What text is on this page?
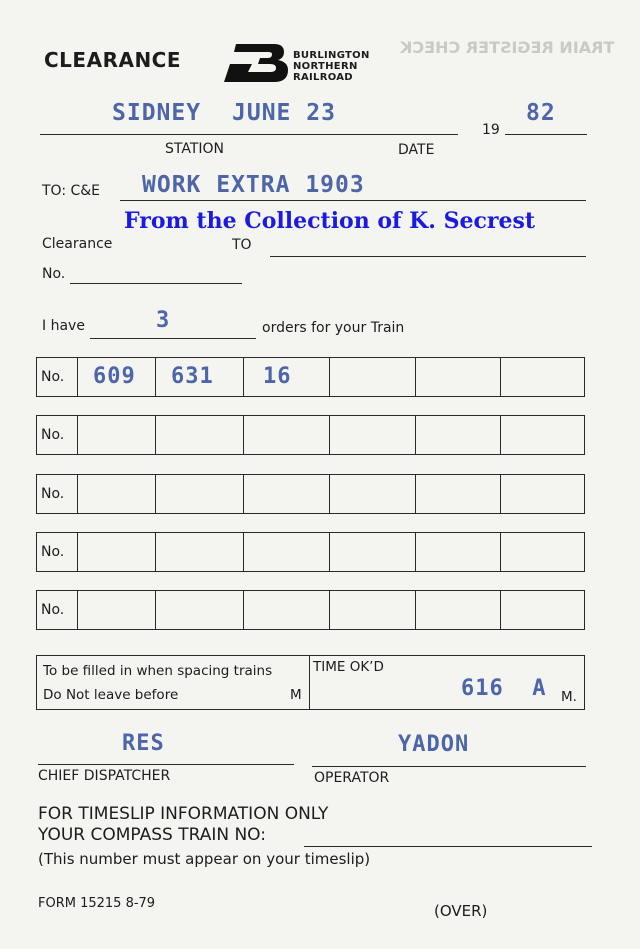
TRAIN REGISTER CHECK
CLEARANCE	BURLINGTON
NORTHERN
RAILROAD
SIDNEY JUNE 23
19
82
STATION	DATE
TO: C&E WORK EXTRA 1903
From the Collection of K. Secrest
Clearance	TO
No.
I have	3	orders for your Train
No. 609 631 16
No.
No.
No.
No.
To be filled in when spacing trains
Do Not leave before	M
TIME OK’D
616  A M.
RES
CHIEF DISPATCHER
YADON
OPERATOR
FOR TIMESLIP INFORMATION ONLY
YOUR COMPASS TRAIN NO:
(This number must appear on your timeslip)
FORM 15215 8-79	(OVER)
